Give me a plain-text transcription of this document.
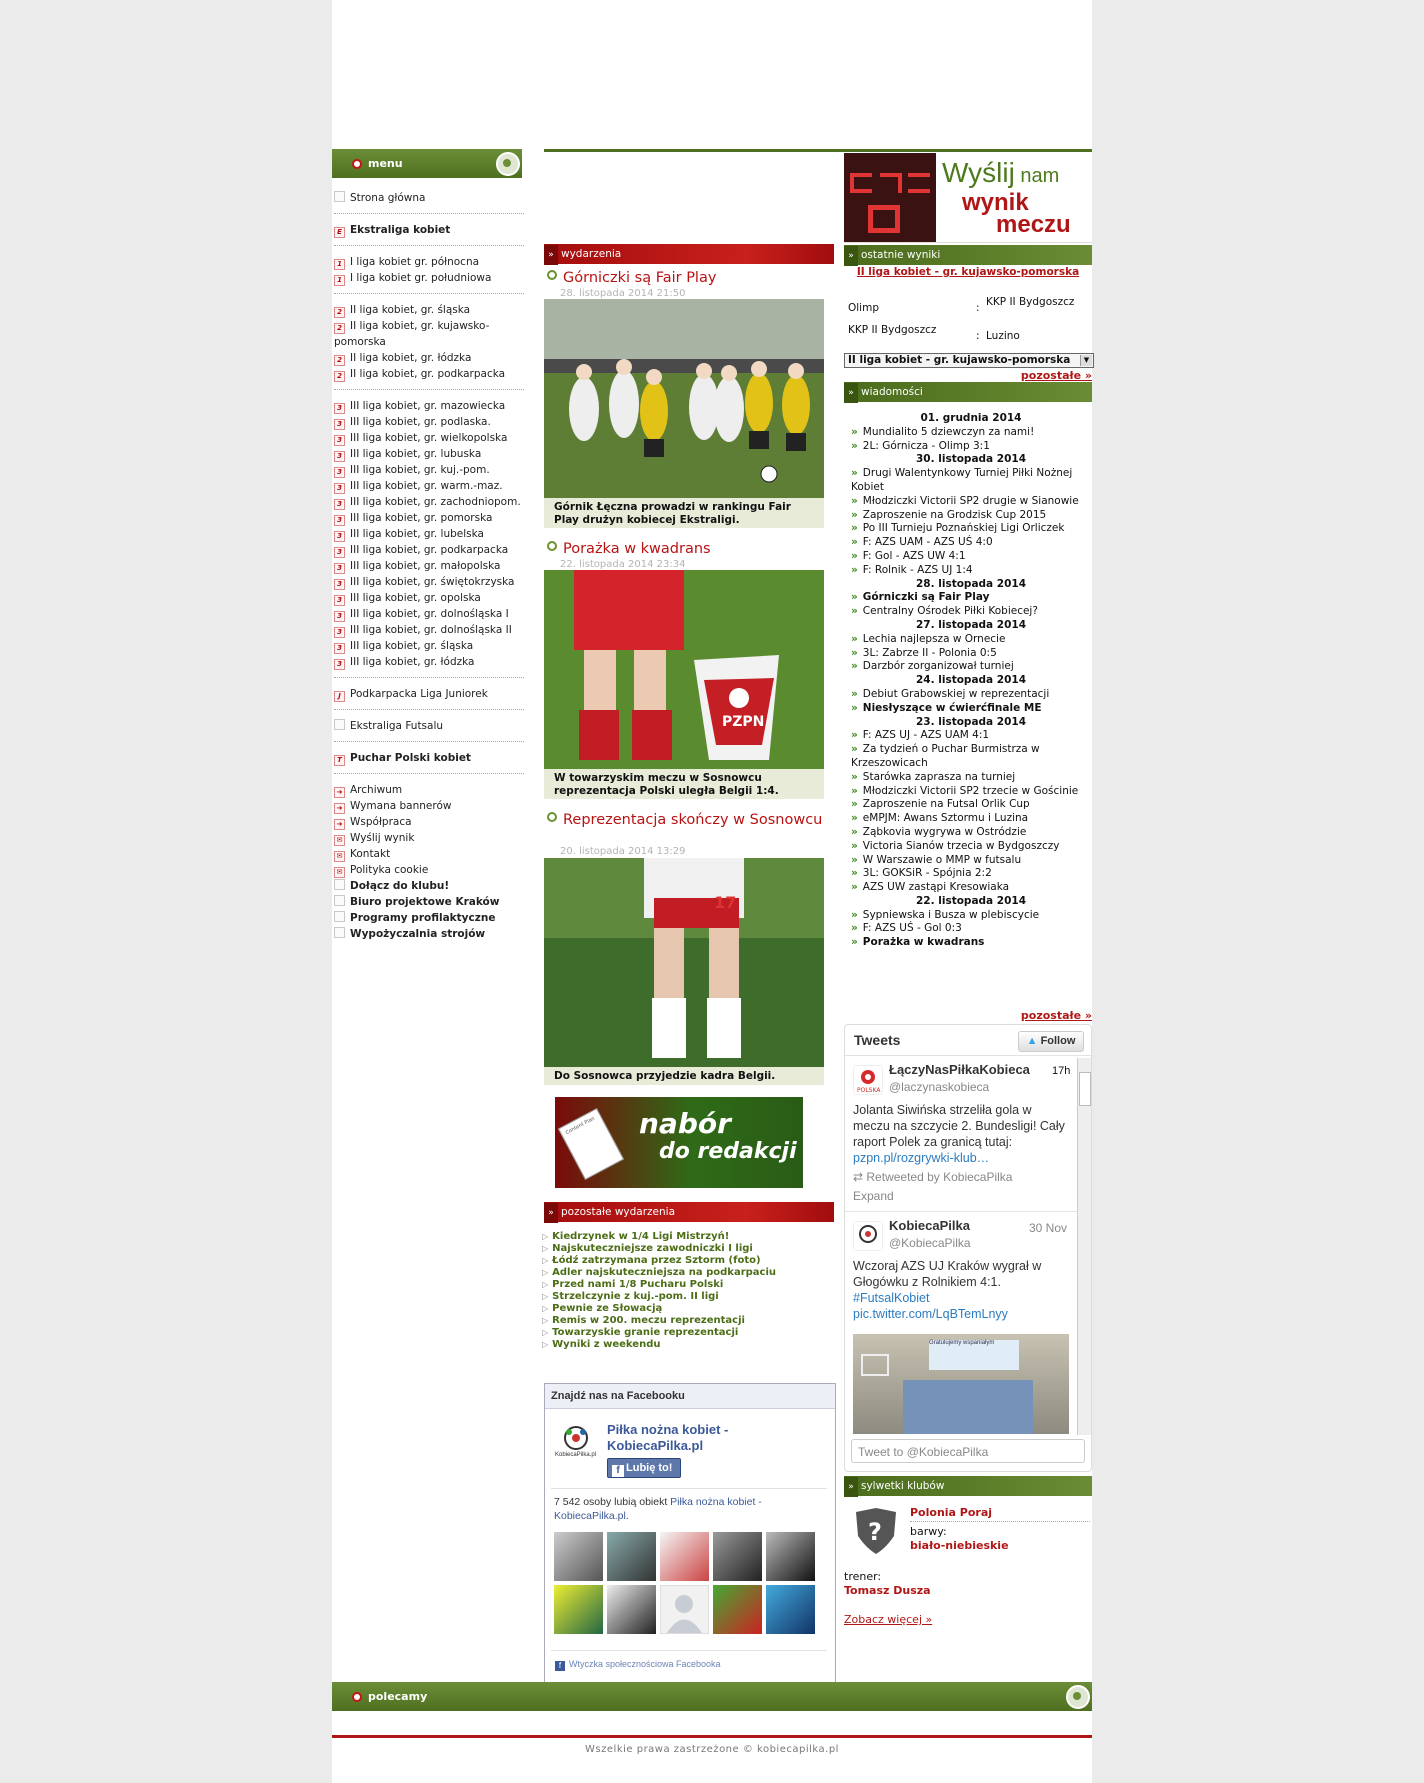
menu
Strona główna
E Ekstraliga kobiet
1 I liga kobiet gr. północna
1 I liga kobiet gr. południowa
2 II liga kobiet, gr. śląska
2 II liga kobiet, gr. kujawsko-pomorska
2 II liga kobiet, gr. łódzka
2 II liga kobiet, gr. podkarpacka
3 III liga kobiet, gr. mazowiecka
3 III liga kobiet, gr. podlaska.
3 III liga kobiet, gr. wielkopolska
3 III liga kobiet, gr. lubuska
3 III liga kobiet, gr. kuj.-pom.
3 III liga kobiet, gr. warm.-maz.
3 III liga kobiet, gr. zachodniopom.
3 III liga kobiet, gr. pomorska
3 III liga kobiet, gr. lubelska
3 III liga kobiet, gr. podkarpacka
3 III liga kobiet, gr. małopolska
3 III liga kobiet, gr. świętokrzyska
3 III liga kobiet, gr. opolska
3 III liga kobiet, gr. dolnośląska I
3 III liga kobiet, gr. dolnośląska II
3 III liga kobiet, gr. śląska
3 III liga kobiet, gr. łódzka
J Podkarpacka Liga Juniorek
Ekstraliga Futsalu
T Puchar Polski kobiet
➜ Archiwum
➜ Wymana bannerów
➜ Współpraca
✉ Wyślij wynik
✉ Kontakt
✉ Polityka cookie
Dołącz do klubu!
Biuro projektowe Kraków
Programy profilaktyczne
Wypożyczalnia strojów
» wydarzenia
Górniczki są Fair Play
28. listopada 2014 21:50
Górnik Łęczna prowadzi w rankingu Fair Play drużyn kobiecej Ekstraligi.
Porażka w kwadrans
22. listopada 2014 23:34
PZPN
W towarzyskim meczu w Sosnowcu reprezentacja Polski uległa Belgii 1:4.
Reprezentacja skończy w Sosnowcu
20. listopada 2014 13:29
17
Do Sosnowca przyjedzie kadra Belgii.
Content Plan nabór
do redakcji
» pozostałe wydarzenia
▷ Kiedrzynek w 1/4 Ligi Mistrzyń!
▷ Najskuteczniejsze zawodniczki I ligi
▷ Łódź zatrzymana przez Sztorm (foto)
▷ Adler najskuteczniejsza na podkarpaciu
▷ Przed nami 1/8 Pucharu Polski
▷ Strzelczynie z kuj.-pom. II ligi
▷ Pewnie ze Słowacją
▷ Remis w 200. meczu reprezentacji
▷ Towarzyskie granie reprezentacji
▷ Wyniki z weekendu
Znajdź nas na Facebooku
KobiecaPilka.pl
Piłka nożna kobiet - KobiecaPilka.pl
f Lubię to!
7 542 osoby lubią obiekt Piłka nożna kobiet - KobiecaPilka.pl.
f Wtyczka społecznościowa Facebooka
Wyślij nam
wynik
meczu
» ostatnie wyniki
II liga kobiet - gr. kujawsko-pomorska
Olimp	: KKP II Bydgoszcz
KKP II Bydgoszcz	: Luzino
II liga kobiet - gr. kujawsko-pomorska	▼
pozostałe »
» wiadomości
01. grudnia 2014
» Mundialito 5 dziewczyn za nami!
» 2L: Górnicza - Olimp 3:1
30. listopada 2014
» Drugi Walentynkowy Turniej Piłki Nożnej Kobiet
» Młodziczki Victorii SP2 drugie w Sianowie
» Zaproszenie na Grodzisk Cup 2015
» Po III Turnieju Poznańskiej Ligi Orliczek
» F: AZS UAM - AZS UŚ 4:0
» F: Gol - AZS UW 4:1
» F: Rolnik - AZS UJ 1:4
28. listopada 2014
» Górniczki są Fair Play
» Centralny Ośrodek Piłki Kobiecej?
27. listopada 2014
» Lechia najlepsza w Ornecie
» 3L: Zabrze II - Polonia 0:5
» Darzbór zorganizował turniej
24. listopada 2014
» Debiut Grabowskiej w reprezentacji
» Niesłyszące w ćwierćfinale ME
23. listopada 2014
» F: AZS UJ - AZS UAM 4:1
» Za tydzień o Puchar Burmistrza w Krzeszowicach
» Starówka zaprasza na turniej
» Młodziczki Victorii SP2 trzecie w Gościnie
» Zaproszenie na Futsal Orlik Cup
» eMPJM: Awans Sztormu i Luzina
» Ząbkovia wygrywa w Ostródzie
» Victoria Sianów trzecia w Bydgoszczy
» W Warszawie o MMP w futsalu
» 3L: GOKSiR - Spójnia 2:2
» AZS UW zastąpi Kresowiaka
22. listopada 2014
» Sypniewska i Busza w plebiscycie
» F: AZS UŚ - Gol 0:3
» Porażka w kwadrans
pozostałe »
Tweets	▲ Follow
POLSKA
ŁączyNasPiłkaKobieca 17h
@laczynaskobieca
Jolanta Siwińska strzeliła gola w meczu na szczycie 2. Bundesligi! Cały raport Polek za granicą tutaj: pzpn.pl/rozgrywki-klub…
⇄ Retweeted by KobiecaPilka
Expand
KobiecaPilka	30 Nov
@KobiecaPilka
Wczoraj AZS UJ Kraków wygrał w Głogówku z Rolnikiem 4:1. #FutsalKobiet pic.twitter.com/LqBTemLnyy
Gratulujemy wspaniałym
Tweet to @KobiecaPilka
» sylwetki klubów
?
Polonia Poraj
barwy:
biało-niebieskie
trener:
Tomasz Dusza
Zobacz więcej »
polecamy
Wszelkie prawa zastrzeżone © kobiecapilka.pl
